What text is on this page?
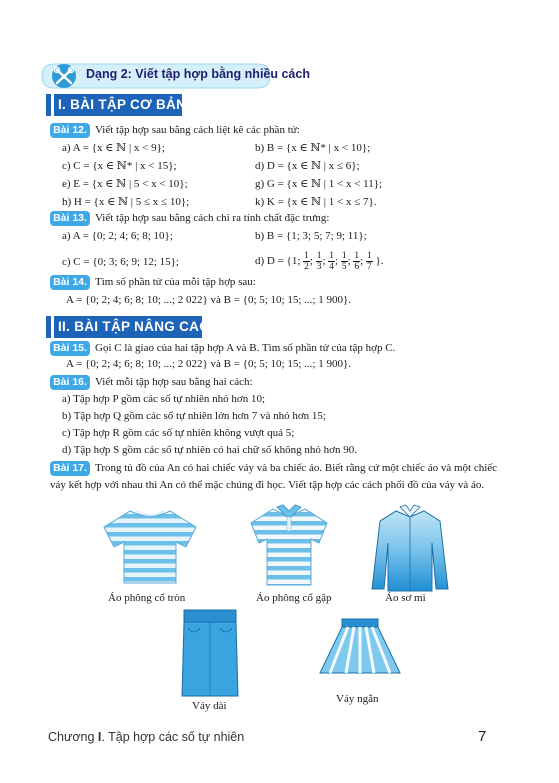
Dạng 2: Viết tập hợp bằng nhiều cách
I. BÀI TẬP CƠ BẢN
Bài 12. Viết tập hợp sau bằng cách liệt kê các phần tử:
a) A = {x ∈ ℕ | x < 9};	b) B = {x ∈ ℕ* | x < 10};
c) C = {x ∈ ℕ* | x < 15};	d) D = {x ∈ ℕ | x ≤ 6};
e) E = {x ∈ ℕ | 5 < x < 10};	g) G = {x ∈ ℕ | 1 < x < 11};
h) H = {x ∈ ℕ | 5 ≤ x ≤ 10};	k) K = {x ∈ ℕ | 1 < x ≤ 7}.
Bài 13. Viết tập hợp sau bằng cách chỉ ra tính chất đặc trưng:
a) A = {0; 2; 4; 6; 8; 10};	b) B = {1; 3; 5; 7; 9; 11};
c) C = {0; 3; 6; 9; 12; 15};	d) D = {1; $\frac{1}{2}$ ; $\frac{1}{3}$ ; $\frac{1}{4}$ ; $\frac{1}{5}$ ; $\frac{1}{6}$ ; $\frac{1}{7}$ }.
Bài 14. Tìm số phần tử của mỗi tập hợp sau:
A = {0; 2; 4; 6; 8; 10; ...; 2 022} và B = {0; 5; 10; 15; ...; 1 900}.
II. BÀI TẬP NÂNG CAO
Bài 15. Gọi C là giao của hai tập hợp A và B. Tìm số phần tử của tập hợp C.
A = {0; 2; 4; 6; 8; 10; ...; 2 022} và B = {0; 5; 10; 15; ...; 1 900}.
Bài 16. Viết mỗi tập hợp sau bằng hai cách:
a) Tập hợp P gồm các số tự nhiên nhỏ hơn 10;
b) Tập hợp Q gồm các số tự nhiên lớn hơn 7 và nhỏ hơn 15;
c) Tập hợp R gồm các số tự nhiên không vượt quá 5;
d) Tập hợp S gồm các số tự nhiên có hai chữ số không nhỏ hơn 90.
Bài 17. Trong tủ đồ của An có hai chiếc váy và ba chiếc áo. Biết rằng cứ một chiếc áo và một chiếc
váy kết hợp với nhau thì An có thể mặc chúng đi học. Viết tập hợp các cách phối đồ của váy và áo.
Áo phông cổ tròn	Áo phông cổ gập	Áo sơ mi
Váy dài
Váy ngắn
Chương I. Tập hợp các số tự nhiên	7
